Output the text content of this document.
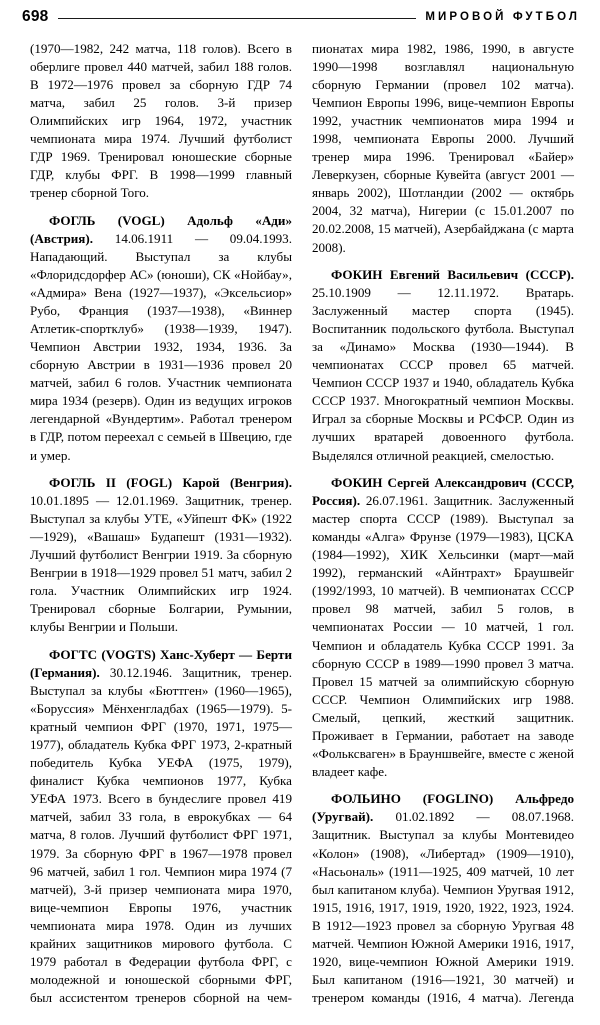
698	МИРОВОЙ ФУТБОЛ

(1970—1982, 242 матча, 118 голов). Всего в оберлиге провел 440 матчей, забил 188 голов. В 1972—1976 провел за сборную ГДР 74 матча, забил 25 голов. 3-й призер Олимпийских игр 1964, 1972, участник чемпионата мира 1974. Лучший футболист ГДР 1969. Тренировал юношеские сборные ГДР, клубы ФРГ. В 1998—1999 главный тренер сборной Того.

ФОГЛЬ (VOGL) Адольф «Ади» (Австрия). 14.06.1911 — 09.04.1993. Нападающий. Выступал за клубы «Флоридсдорфер АС» (юноши), СК «Нойбау», «Адмира» Вена (1927—1937), «Эксельсиор» Рубо, Франция (1937—1938), «Виннер Атлетик-спортклуб» (1938—1939, 1947). Чемпион Австрии 1932, 1934, 1936. За сборную Австрии в 1931—1936 провел 20 матчей, забил 6 голов. Участник чемпионата мира 1934 (резерв). Один из ведущих игроков легендарной «Вундертим». Работал тренером в ГДР, потом переехал с семьей в Швецию, где и умер.

ФОГЛЬ II (FOGL) Карой (Венгрия). 10.01.1895 — 12.01.1969. Защитник, тренер. Выступал за клубы УТЕ, «Уйпешт ФК» (1922—1929), «Вашаш» Будапешт (1931—1932). Лучший футболист Венгрии 1919. За сборную Венгрии в 1918—1929 провел 51 матч, забил 2 гола. Участник Олимпийских игр 1924. Тренировал сборные Болгарии, Румынии, клубы Венгрии и Польши.

ФОГТС (VOGTS) Ханс-Хуберт — Берти (Германия). 30.12.1946. Защитник, тренер. Выступал за клубы «Бюттген» (1960—1965), «Боруссия» Мёнхенгладбах (1965—1979). 5-кратный чемпион ФРГ (1970, 1971, 1975—1977), обладатель Кубка ФРГ 1973, 2-кратный победитель Кубка УЕФА (1975, 1979), финалист Кубка чемпионов 1977, Кубка УЕФА 1973. Всего в бундеслиге провел 419 матчей, забил 33 гола, в еврокубках — 64 матча, 8 голов. Лучший футболист ФРГ 1971, 1979. За сборную ФРГ в 1967—1978 провел 96 матчей, забил 1 гол. Чемпион мира 1974 (7 матчей), 3-й призер чемпионата мира 1970, вице-чемпион Европы 1976, участник чемпионата мира 1978. Один из лучших крайних защитников мирового футбола. С 1979 работал в Федерации футбола ФРГ, с молодежной и юношеской сборными ФРГ, был ассистентом тренеров сборной на чем-

пионатах мира 1982, 1986, 1990, в августе 1990—1998 возглавлял национальную сборную Германии (провел 102 матча). Чемпион Европы 1996, вице-чемпион Европы 1992, участник чемпионатов мира 1994 и 1998, чемпионата Европы 2000. Лучший тренер мира 1996. Тренировал «Байер» Леверкузен, сборные Кувейта (август 2001 — январь 2002), Шотландии (2002 — октябрь 2004, 32 матча), Нигерии (с 15.01.2007 по 20.02.2008, 15 матчей), Азербайджана (с марта 2008).

ФОКИН Евгений Васильевич (СССР). 25.10.1909 — 12.11.1972. Вратарь. Заслуженный мастер спорта (1945). Воспитанник подольского футбола. Выступал за «Динамо» Москва (1930—1944). В чемпионатах СССР провел 65 матчей. Чемпион СССР 1937 и 1940, обладатель Кубка СССР 1937. Многократный чемпион Москвы. Играл за сборные Москвы и РСФСР. Один из лучших вратарей довоенного футбола. Выделялся отличной реакцией, смелостью.

ФОКИН Сергей Александрович (СССР, Россия). 26.07.1961. Защитник. Заслуженный мастер спорта СССР (1989). Выступал за команды «Алга» Фрунзе (1979—1983), ЦСКА (1984—1992), ХИК Хельсинки (март—май 1992), германский «Айнтрахт» Браушвейг (1992/1993, 10 матчей). В чемпионатах СССР провел 98 матчей, забил 5 голов, в чемпионатах России — 10 матчей, 1 гол. Чемпион и обладатель Кубка СССР 1991. За сборную СССР в 1989—1990 провел 3 матча. Провел 15 матчей за олимпийскую сборную СССР. Чемпион Олимпийских игр 1988. Смелый, цепкий, жесткий защитник. Проживает в Германии, работает на заводе «Фольксваген» в Брауншвейге, вместе с женой владеет кафе.

ФОЛЬИНО (FOGLINO) Альфредо (Уругвай). 01.02.1892 — 08.07.1968. Защитник. Выступал за клубы Монтевидео «Колон» (1908), «Либертад» (1909—1910), «Насьональ» (1911—1925, 409 матчей, 10 лет был капитаном клуба). Чемпион Уругвая 1912, 1915, 1916, 1917, 1919, 1920, 1922, 1923, 1924. В 1912—1923 провел за сборную Уругвая 48 матчей. Чемпион Южной Америки 1916, 1917, 1920, вице-чемпион Южной Америки 1919. Был капитаном (1916—1921, 30 матчей) и тренером команды (1916, 4 матча). Легенда
